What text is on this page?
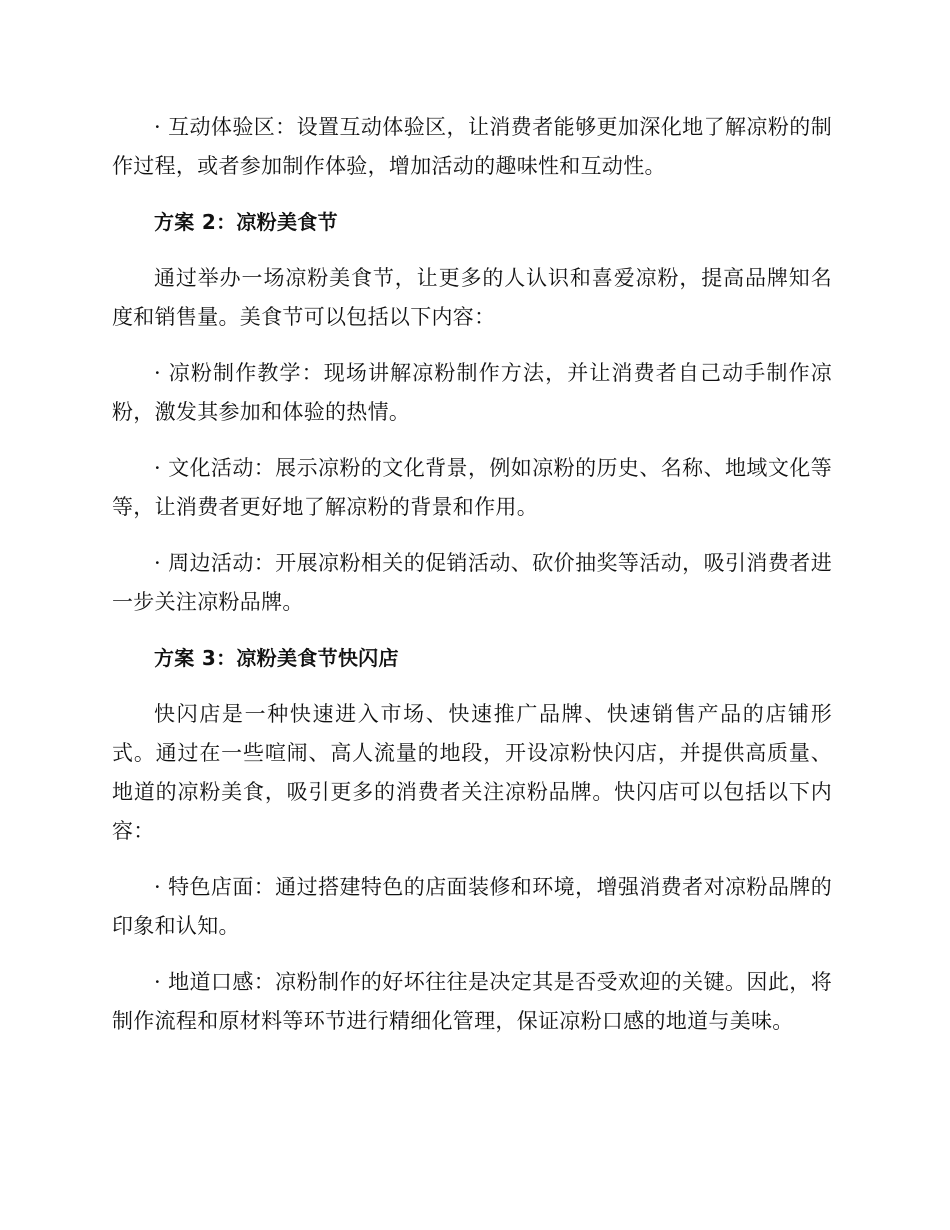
· 互动体验区：设置互动体验区，让消费者能够更加深化地了解凉粉的制作过程，或者参加制作体验，增加活动的趣味性和互动性。

方案 2：凉粉美食节

通过举办一场凉粉美食节，让更多的人认识和喜爱凉粉，提高品牌知名度和销售量。美食节可以包括以下内容：

· 凉粉制作教学：现场讲解凉粉制作方法，并让消费者自己动手制作凉粉，激发其参加和体验的热情。

· 文化活动：展示凉粉的文化背景，例如凉粉的历史、名称、地域文化等等，让消费者更好地了解凉粉的背景和作用。

· 周边活动：开展凉粉相关的促销活动、砍价抽奖等活动，吸引消费者进一步关注凉粉品牌。

方案 3：凉粉美食节快闪店

快闪店是一种快速进入市场、快速推广品牌、快速销售产品的店铺形式。通过在一些喧闹、高人流量的地段，开设凉粉快闪店，并提供高质量、地道的凉粉美食，吸引更多的消费者关注凉粉品牌。快闪店可以包括以下内容：

· 特色店面：通过搭建特色的店面装修和环境，增强消费者对凉粉品牌的印象和认知。

· 地道口感：凉粉制作的好坏往往是决定其是否受欢迎的关键。因此，将制作流程和原材料等环节进行精细化管理，保证凉粉口感的地道与美味。
